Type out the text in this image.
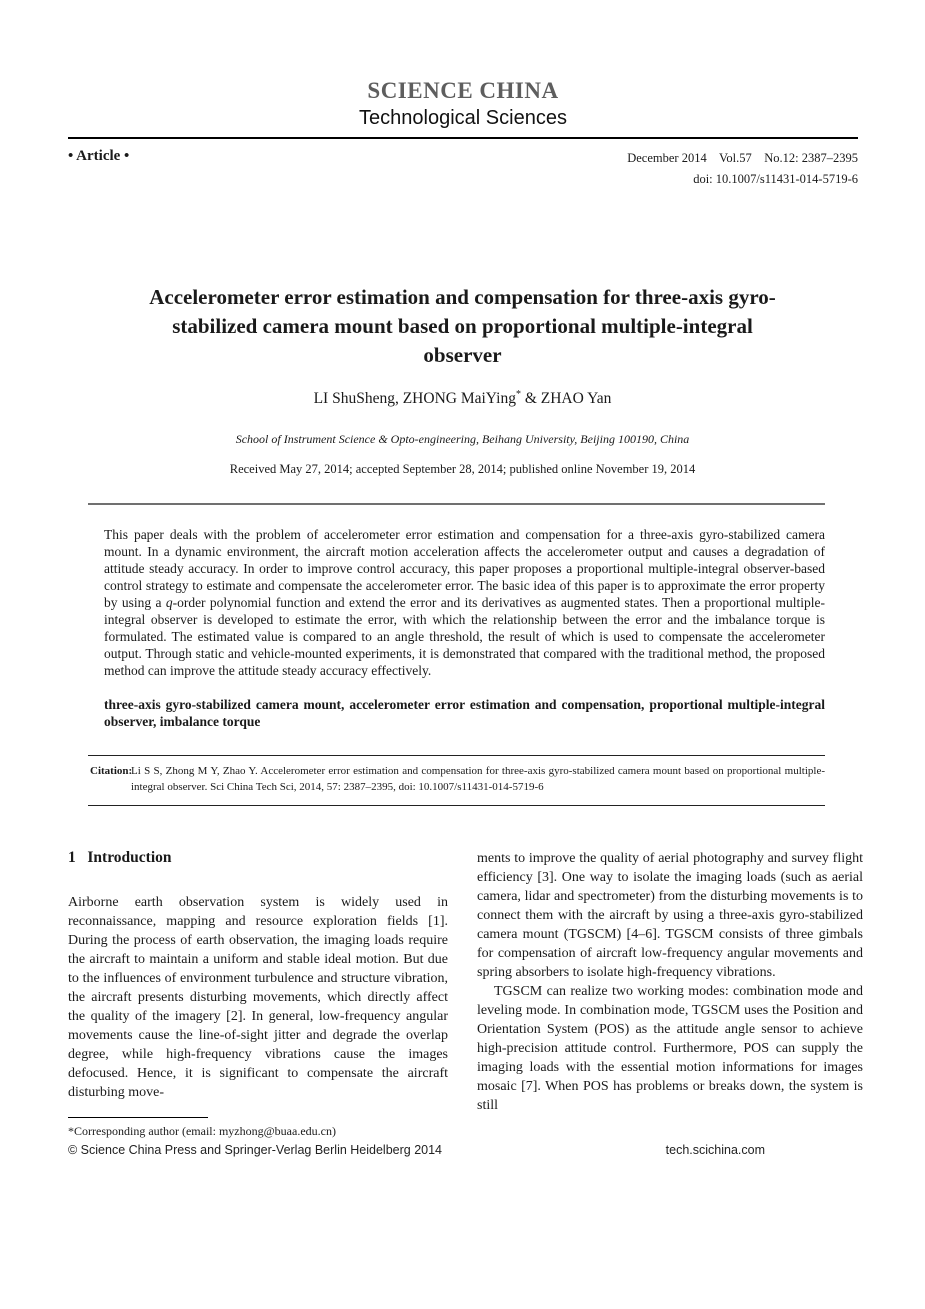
SCIENCE CHINA
Technological Sciences
• Article •	December 2014    Vol.57    No.12: 2387–2395
doi: 10.1007/s11431-014-5719-6
Accelerometer error estimation and compensation for three-axis gyro-stabilized camera mount based on proportional multiple-integral observer
LI ShuSheng, ZHONG MaiYing* & ZHAO Yan
School of Instrument Science & Opto-engineering, Beihang University, Beijing 100190, China
Received May 27, 2014; accepted September 28, 2014; published online November 19, 2014

This paper deals with the problem of accelerometer error estimation and compensation for a three-axis gyro-stabilized camera mount. In a dynamic environment, the aircraft motion acceleration affects the accelerometer output and causes a degradation of attitude steady accuracy. In order to improve control accuracy, this paper proposes a proportional multiple-integral observer-based control strategy to estimate and compensate the accelerometer error. The basic idea of this paper is to approximate the error property by using a q-order polynomial function and extend the error and its derivatives as augmented states. Then a proportional multiple-integral observer is developed to estimate the error, with which the relationship between the error and the imbalance torque is formulated. The estimated value is compared to an angle threshold, the result of which is used to compensate the accelerometer output. Through static and vehicle-mounted experiments, it is demonstrated that compared with the traditional method, the proposed method can improve the attitude steady accuracy effectively.

three-axis gyro-stabilized camera mount, accelerometer error estimation and compensation, proportional multiple-integral observer, imbalance torque

Citation:
Li S S, Zhong M Y, Zhao Y. Accelerometer error estimation and compensation for three-axis gyro-stabilized camera mount based on proportional multiple-integral observer. Sci China Tech Sci, 2014, 57: 2387–2395, doi: 10.1007/s11431-014-5719-6
1   Introduction

Airborne earth observation system is widely used in reconnaissance, mapping and resource exploration fields [1]. During the process of earth observation, the imaging loads require the aircraft to maintain a uniform and stable ideal motion. But due to the influences of environment turbulence and structure vibration, the aircraft presents disturbing movements, which directly affect the quality of the imagery [2]. In general, low-frequency angular movements cause the line-of-sight jitter and degrade the overlap degree, while high-frequency vibrations cause the images defocused. Hence, it is significant to compensate the aircraft disturbing move-

*Corresponding author (email: myzhong@buaa.edu.cn)

ments to improve the quality of aerial photography and survey flight efficiency [3]. One way to isolate the imaging loads (such as aerial camera, lidar and spectrometer) from the disturbing movements is to connect them with the aircraft by using a three-axis gyro-stabilized camera mount (TGSCM) [4–6]. TGSCM consists of three gimbals for compensation of aircraft low-frequency angular movements and spring absorbers to isolate high-frequency vibrations.

TGSCM can realize two working modes: combination mode and leveling mode. In combination mode, TGSCM uses the Position and Orientation System (POS) as the attitude angle sensor to achieve high-precision attitude control. Furthermore, POS can supply the imaging loads with the essential motion informations for images mosaic [7]. When POS has problems or breaks down, the system is still

© Science China Press and Springer-Verlag Berlin Heidelberg 2014	tech.scichina.com
